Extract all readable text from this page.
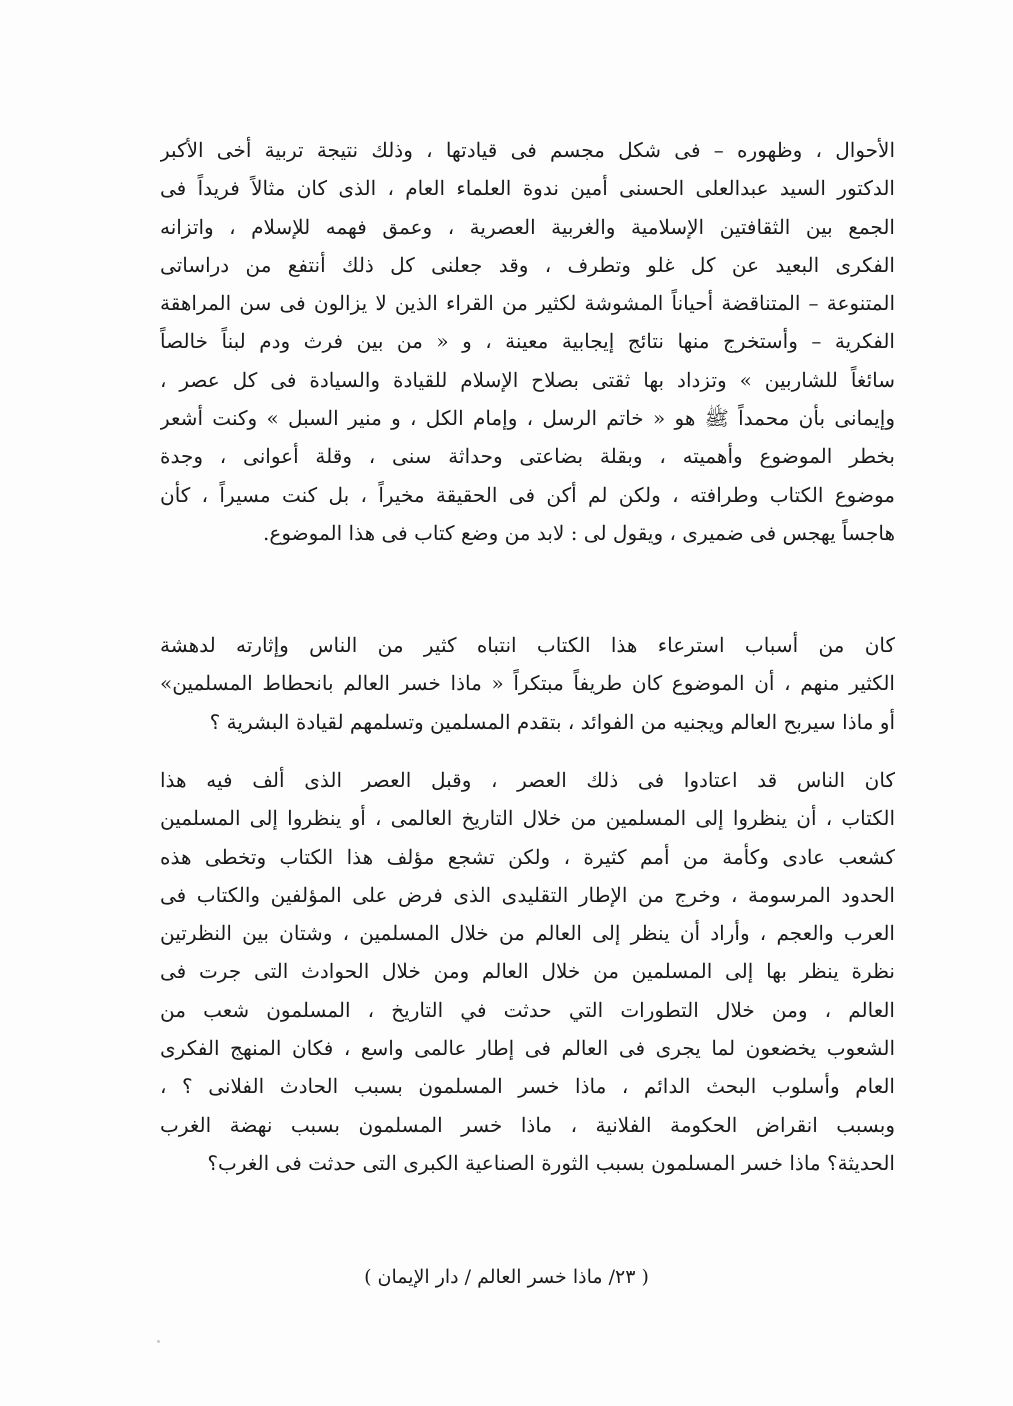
الأحوال ، وظهوره – فى شكل مجسم فى قيادتها ، وذلك نتيجة تربية أخى الأكبر
الدكتور السيد عبدالعلى الحسنى أمين ندوة العلماء العام ، الذى كان مثالاً فريداً فى
الجمع بين الثقافتين الإسلامية والغربية العصرية ، وعمق فهمه للإسلام ، واتزانه
الفكرى البعيد عن كل غلو وتطرف ، وقد جعلنى كل ذلك أنتفع من دراساتى
المتنوعة – المتناقضة أحياناً المشوشة لكثير من القراء الذين لا يزالون فى سن المراهقة
الفكرية – وأستخرج منها نتائج إيجابية معينة ، و « من بين فرث ودم لبناً خالصاً
سائغاً للشاربين » وتزداد بها ثقتى بصلاح الإسلام للقيادة والسيادة فى كل عصر ،
وإيمانى بأن محمداً ﷺ هو « خاتم الرسل ، وإمام الكل ، و منير السبل » وكنت أشعر
بخطر الموضوع وأهميته ، وبقلة بضاعتى وحداثة سنى ، وقلة أعوانى ، وجدة
موضوع الكتاب وطرافته ، ولكن لم أكن فى الحقيقة مخيراً ، بل كنت مسيراً ، كأن
هاجساً يهجس فى ضميرى ، ويقول لى : لابد من وضع كتاب فى هذا الموضوع.
كان من أسباب استرعاء هذا الكتاب انتباه كثير من الناس وإثارته لدهشة
الكثير منهم ، أن الموضوع كان طريفاً مبتكراً « ماذا خسر العالم بانحطاط المسلمين»
أو ماذا سيربح العالم ويجنيه من الفوائد ، بتقدم المسلمين وتسلمهم لقيادة البشرية ؟
كان الناس قد اعتادوا فى ذلك العصر ، وقبل العصر الذى ألف فيه هذا
الكتاب ، أن ينظروا إلى المسلمين من خلال التاريخ العالمى ، أو ينظروا إلى المسلمين
كشعب عادى وكأمة من أمم كثيرة ، ولكن تشجع مؤلف هذا الكتاب وتخطى هذه
الحدود المرسومة ، وخرج من الإطار التقليدى الذى فرض على المؤلفين والكتاب فى
العرب والعجم ، وأراد أن ينظر إلى العالم من خلال المسلمين ، وشتان بين النظرتين
نظرة ينظر بها إلى المسلمين من خلال العالم ومن خلال الحوادث التى جرت فى
العالم ، ومن خلال التطورات التي حدثت في التاريخ ، المسلمون شعب من
الشعوب يخضعون لما يجرى فى العالم فى إطار عالمى واسع ، فكان المنهج الفكرى
العام وأسلوب البحث الدائم ، ماذا خسر المسلمون بسبب الحادث الفلانى ؟ ،
وبسبب انقراض الحكومة الفلانية ، ماذا خسر المسلمون بسبب نهضة الغرب
الحديثة؟ ماذا خسر المسلمون بسبب الثورة الصناعية الكبرى التى حدثت فى الغرب؟
( ٢٣/ ماذا خسر العالم / دار الإيمان )
